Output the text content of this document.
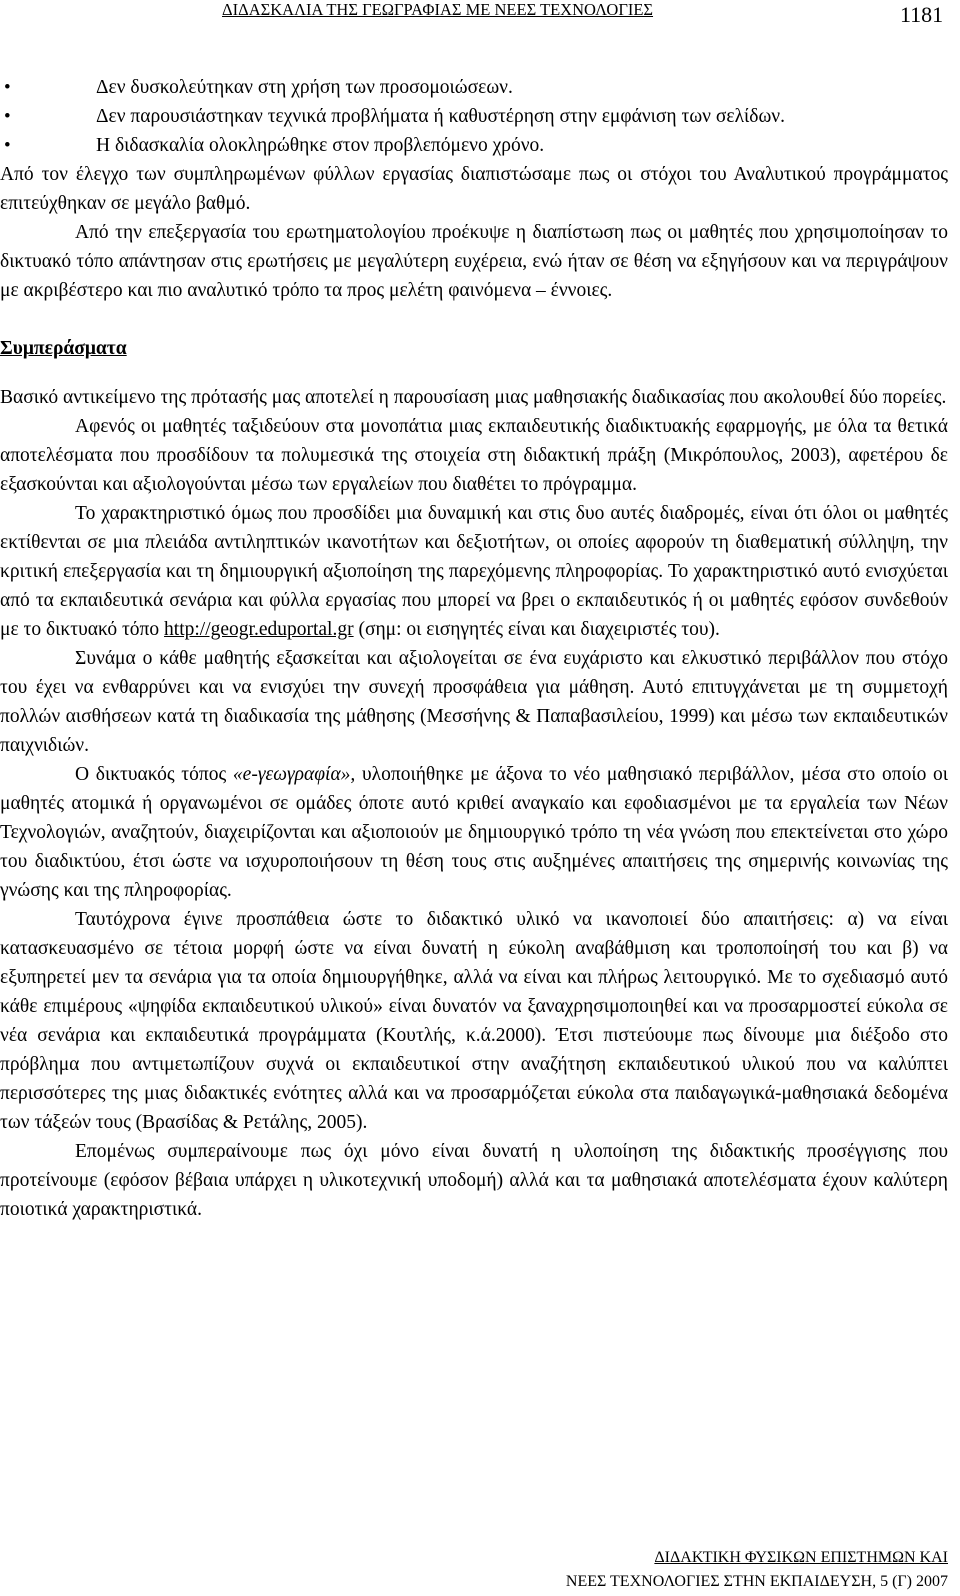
ΔΙΔΑΣΚΑΛΙΑ ΤΗΣ ΓΕΩΓΡΑΦΙΑΣ ΜΕ ΝΕΕΣ ΤΕΧΝΟΛΟΓΙΕΣ	1181
• Δεν δυσκολεύτηκαν στη χρήση των προσομοιώσεων.
• Δεν παρουσιάστηκαν τεχνικά προβλήματα ή καθυστέρηση στην εμφάνιση των σελίδων.
• Η διδασκαλία ολοκληρώθηκε στον προβλεπόμενο χρόνο.

Από τον έλεγχο των συμπληρωμένων φύλλων εργασίας διαπιστώσαμε πως οι στόχοι του Αναλυτικού προγράμματος επιτεύχθηκαν σε μεγάλο βαθμό.

Από την επεξεργασία του ερωτηματολογίου προέκυψε η διαπίστωση πως οι μαθητές που χρησιμοποίησαν το δικτυακό τόπο απάντησαν στις ερωτήσεις με μεγαλύτερη ευχέρεια, ενώ ήταν σε θέση να εξηγήσουν και να περιγράψουν με ακριβέστερο και πιο αναλυτικό τρόπο τα προς μελέτη φαινόμενα – έννοιες.

Συμπεράσματα

Βασικό αντικείμενο της πρότασής μας αποτελεί η παρουσίαση μιας μαθησιακής διαδικασίας που ακολουθεί δύο πορείες.

Αφενός οι μαθητές ταξιδεύουν στα μονοπάτια μιας εκπαιδευτικής διαδικτυακής εφαρμογής, με όλα τα θετικά αποτελέσματα που προσδίδουν τα πολυμεσικά της στοιχεία στη διδακτική πράξη (Μικρόπουλος, 2003), αφετέρου δε εξασκούνται και αξιολογούνται μέσω των εργαλείων που διαθέτει το πρόγραμμα.

Το χαρακτηριστικό όμως που προσδίδει μια δυναμική και στις δυο αυτές διαδρομές, είναι ότι όλοι οι μαθητές εκτίθενται σε μια πλειάδα αντιληπτικών ικανοτήτων και δεξιοτήτων, οι οποίες αφορούν τη διαθεματική σύλληψη, την κριτική επεξεργασία και τη δημιουργική αξιοποίηση της παρεχόμενης πληροφορίας. Το χαρακτηριστικό αυτό ενισχύεται από τα εκπαιδευτικά σενάρια και φύλλα εργασίας που μπορεί να βρει ο εκπαιδευτικός ή οι μαθητές εφόσον συνδεθούν με το δικτυακό τόπο http://geogr.eduportal.gr (σημ: οι εισηγητές είναι και διαχειριστές του).

Συνάμα ο κάθε μαθητής εξασκείται και αξιολογείται σε ένα ευχάριστο και ελκυστικό περιβάλλον που στόχο του έχει να ενθαρρύνει και να ενισχύει την συνεχή προσφάθεια για μάθηση. Αυτό επιτυγχάνεται με τη συμμετοχή πολλών αισθήσεων κατά τη διαδικασία της μάθησης (Μεσσήνης & Παπαβασιλείου, 1999) και μέσω των εκπαιδευτικών παιχνιδιών.

Ο δικτυακός τόπος «e-γεωγραφία», υλοποιήθηκε με άξονα το νέο μαθησιακό περιβάλλον, μέσα στο οποίο οι μαθητές ατομικά ή οργανωμένοι σε ομάδες όποτε αυτό κριθεί αναγκαίο και εφοδιασμένοι με τα εργαλεία των Νέων Τεχνολογιών, αναζητούν, διαχειρίζονται και αξιοποιούν με δημιουργικό τρόπο τη νέα γνώση που επεκτείνεται στο χώρο του διαδικτύου, έτσι ώστε να ισχυροποιήσουν τη θέση τους στις αυξημένες απαιτήσεις της σημερινής κοινωνίας της γνώσης και της πληροφορίας.

Ταυτόχρονα έγινε προσπάθεια ώστε το διδακτικό υλικό να ικανοποιεί δύο απαιτήσεις: α) να είναι κατασκευασμένο σε τέτοια μορφή ώστε να είναι δυνατή η εύκολη αναβάθμιση και τροποποίησή του και β) να εξυπηρετεί μεν τα σενάρια για τα οποία δημιουργήθηκε, αλλά να είναι και πλήρως λειτουργικό. Με το σχεδιασμό αυτό κάθε επιμέρους «ψηφίδα εκπαιδευτικού υλικού» είναι δυνατόν να ξαναχρησιμοποιηθεί και να προσαρμοστεί εύκολα σε νέα σενάρια και εκπαιδευτικά προγράμματα (Κουτλής, κ.ά.2000). Έτσι πιστεύουμε πως δίνουμε μια διέξοδο στο πρόβλημα που αντιμετωπίζουν συχνά οι εκπαιδευτικοί στην αναζήτηση εκπαιδευτικού υλικού που να καλύπτει περισσότερες της μιας διδακτικές ενότητες αλλά και να προσαρμόζεται εύκολα στα παιδαγωγικά-μαθησιακά δεδομένα των τάξεών τους (Βρασίδας & Ρετάλης, 2005).

Επομένως συμπεραίνουμε πως όχι μόνο είναι δυνατή η υλοποίηση της διδακτικής προσέγγισης που προτείνουμε (εφόσον βέβαια υπάρχει η υλικοτεχνική υποδομή) αλλά και τα μαθησιακά αποτελέσματα έχουν καλύτερη ποιοτικά χαρακτηριστικά.

ΔΙΔΑΚΤΙΚΗ ΦΥΣΙΚΩΝ ΕΠΙΣΤΗΜΩΝ ΚΑΙ
ΝΕΕΣ ΤΕΧΝΟΛΟΓΙΕΣ ΣΤΗΝ ΕΚΠΑΙΔΕΥΣΗ, 5 (Γ) 2007
